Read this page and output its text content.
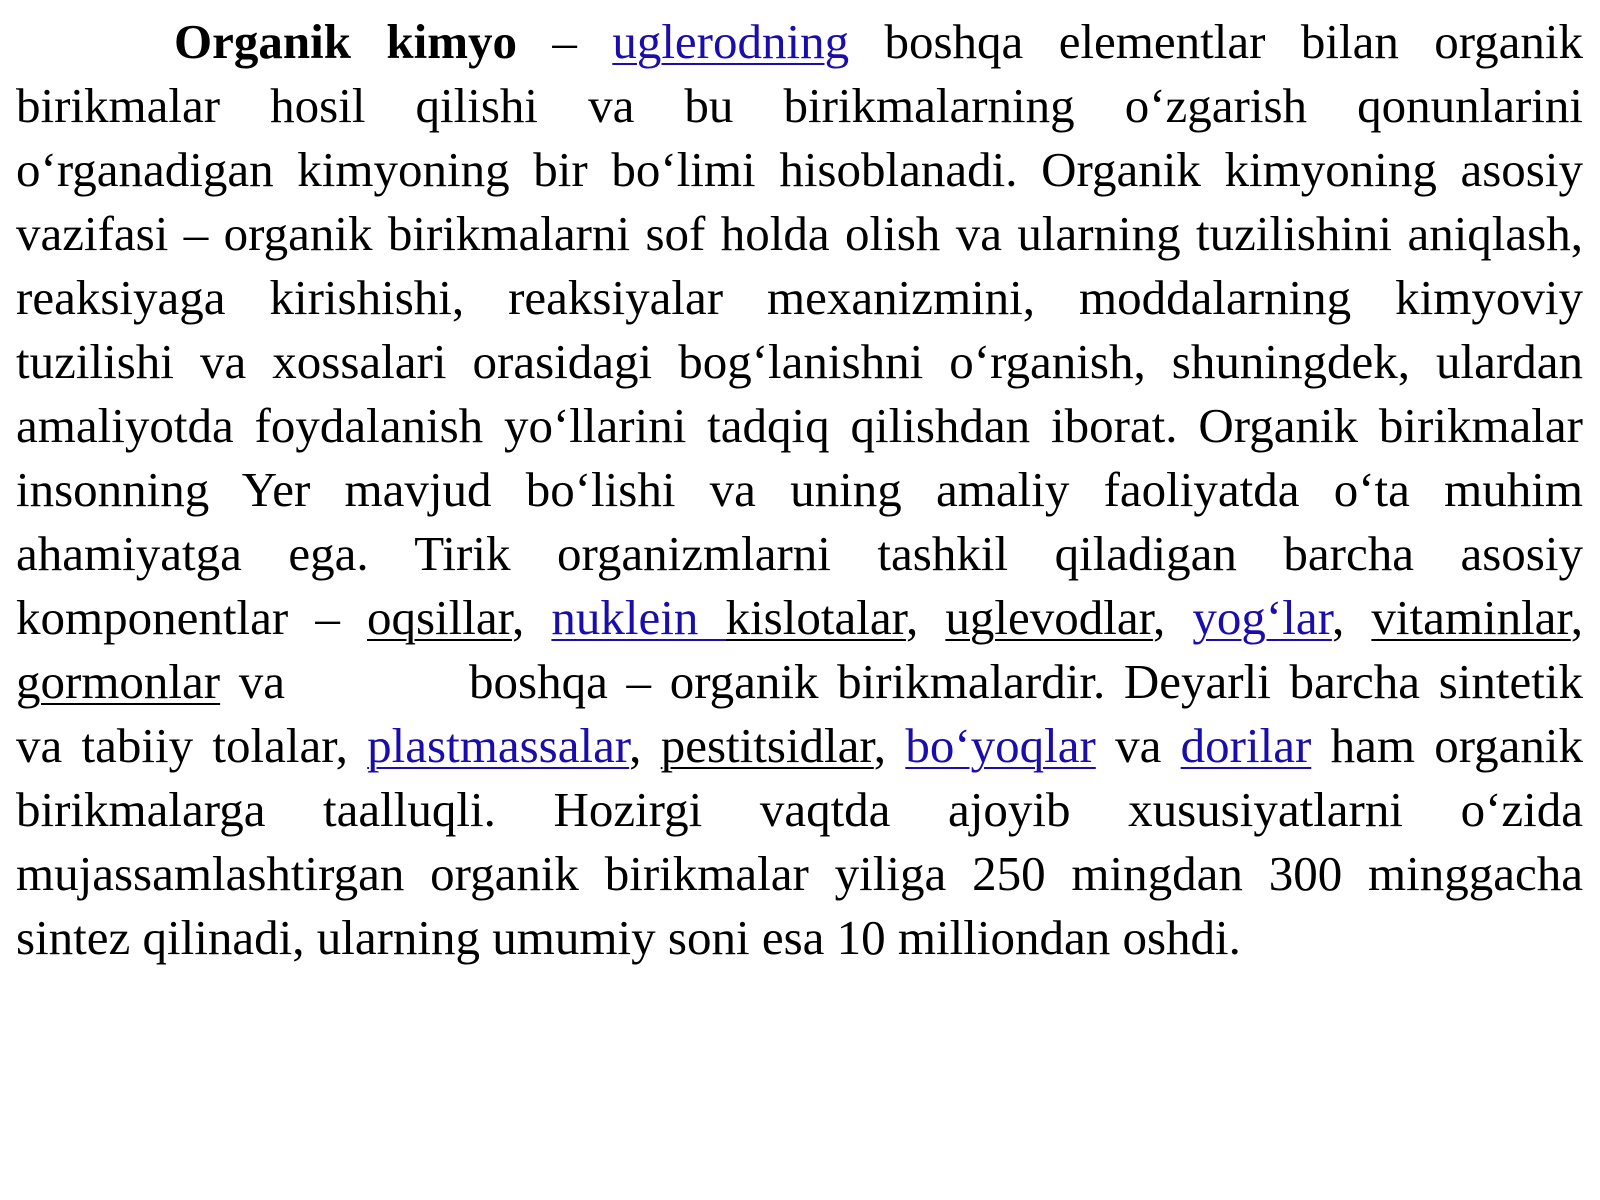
Organik kimyo – uglerodning boshqa elementlar bilan organik birikmalar hosil qilishi va bu birikmalarning oʻzgarish qonunlarini oʻrganadigan kimyoning bir boʻlimi hisoblanadi. Organik kimyoning asosiy vazifasi – organik birikmalarni sof holda olish va ularning tuzilishini aniqlash, reaksiyaga kirishishi, reaksiyalar mexanizmini, moddalarning kimyoviy tuzilishi va xossalari orasidagi bogʻlanishni oʻrganish, shuningdek, ulardan amaliyotda foydalanish yoʻllarini tadqiq qilishdan iborat. Organik birikmalar insonning Yer mavjud boʻlishi va uning amaliy faoliyatda oʻta muhim ahamiyatga ega. Tirik organizmlarni tashkil qiladigan barcha asosiy komponentlar – oqsillar, nuklein kislotalar, uglevodlar, yogʻlar, vitaminlar, gormonlar va	boshqa – organik birikmalardir. Deyarli barcha sintetik va tabiiy tolalar, plastmassalar, pestitsidlar, boʻyoqlar va dorilar ham organik birikmalarga taalluqli. Hozirgi vaqtda ajoyib xususiyatlarni oʻzida mujassamlashtirgan organik birikmalar yiliga 250 mingdan 300 minggacha sintez qilinadi, ularning umumiy soni esa 10 milliondan oshdi.
